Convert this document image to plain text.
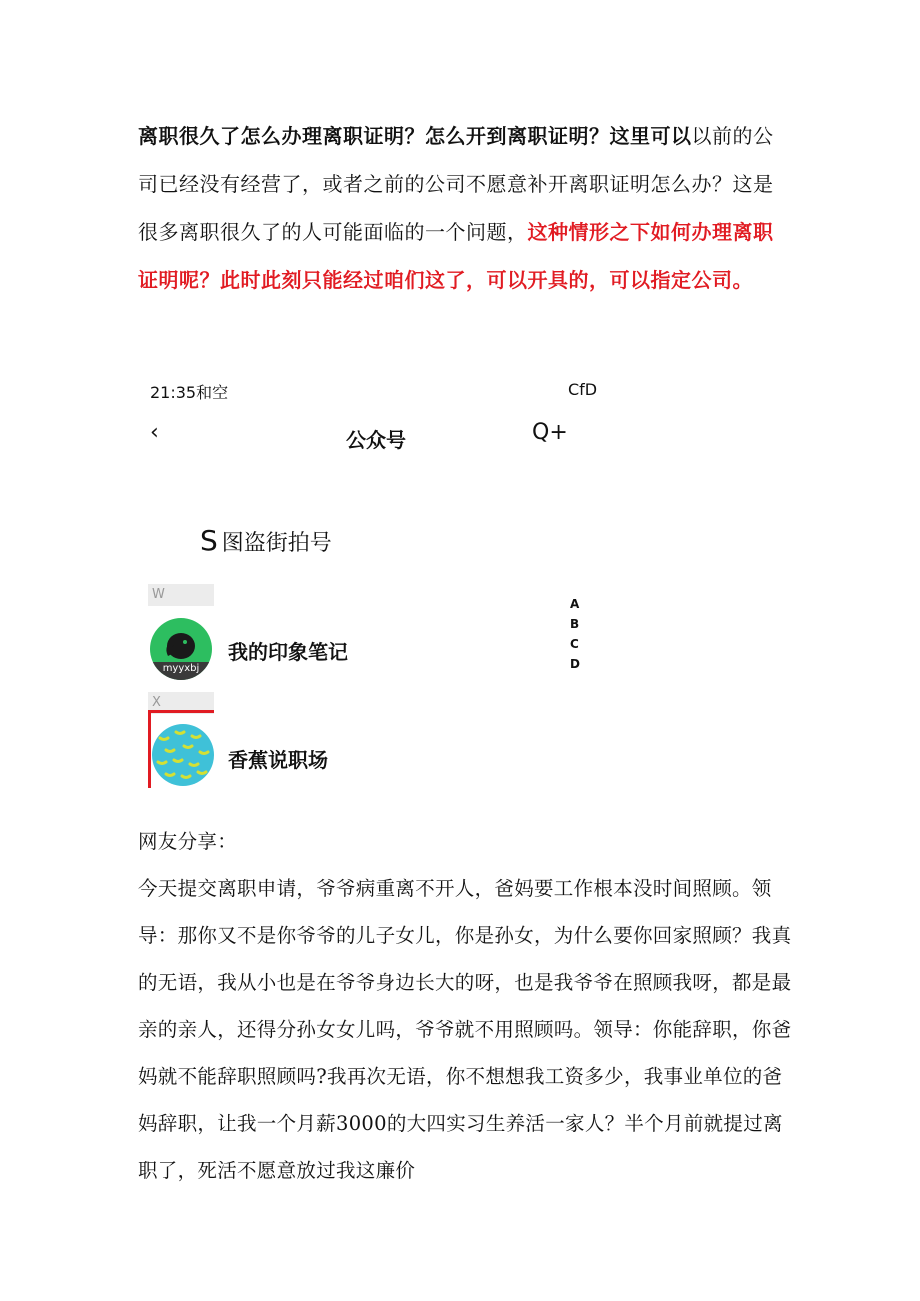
离职很久了怎么办理离职证明？怎么开到离职证明？这里可以以前的公司已经没有经营了，或者之前的公司不愿意补开离职证明怎么办？这是很多离职很久了的人可能面临的一个问题，这种情形之下如何办理离职证明呢？此时此刻只能经过咱们这了，可以开具的，可以指定公司。
21:35和空	CfD
‹	公众号	Q+
S 图盗街拍号
W
myyxbj
我的印象笔记
A
B
C
D
X
香蕉说职场
网友分享：
今天提交离职申请，爷爷病重离不开人，爸妈要工作根本没时间照顾。领导：那你又不是你爷爷的儿子女儿，你是孙女，为什么要你回家照顾？我真的无语，我从小也是在爷爷身边长大的呀，也是我爷爷在照顾我呀，都是最亲的亲人，还得分孙女女儿吗，爷爷就不用照顾吗。领导：你能辞职，你爸妈就不能辞职照顾吗?我再次无语，你不想想我工资多少，我事业单位的爸妈辞职，让我一个月薪3000的大四实习生养活一家人？半个月前就提过离职了，死活不愿意放过我这廉价
